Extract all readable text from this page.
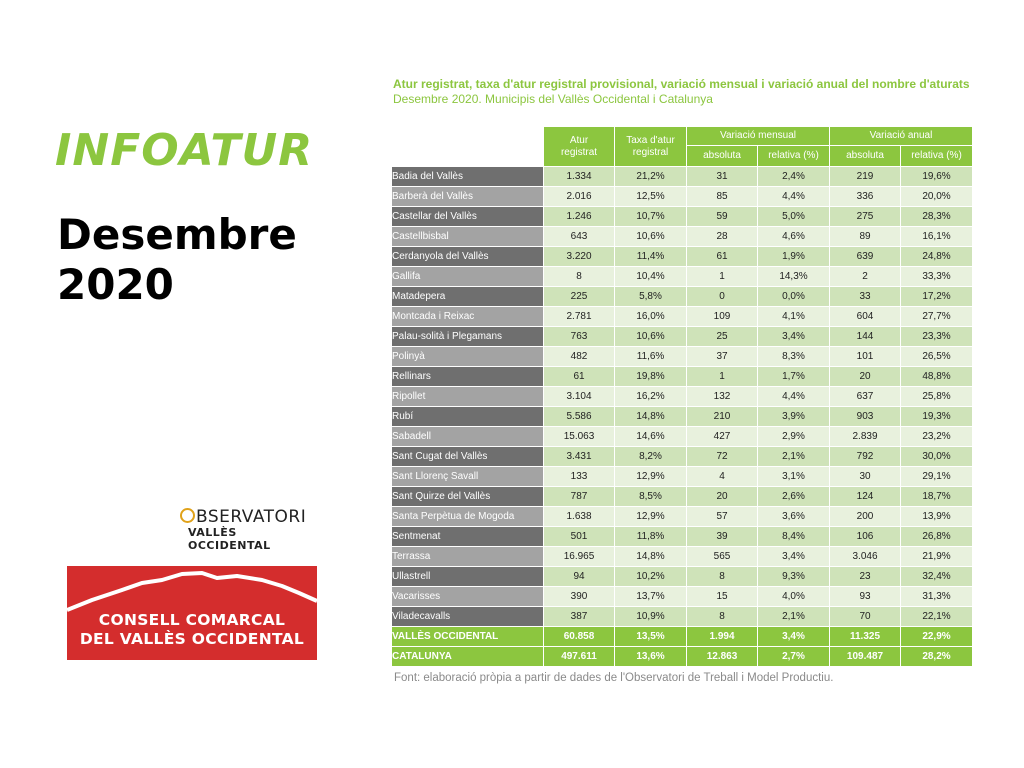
INFOATUR
Desembre
2020
BSERVATORI
VALLÈS OCCIDENTAL
CONSELL COMARCAL
DEL VALLÈS OCCIDENTAL
Atur registrat, taxa d'atur registral provisional, variació mensual i variació anual del nombre d'aturats
Desembre 2020. Municipis del Vallès Occidental i Catalunya
	Atur registrat	Taxa d'atur registral	Variació mensual		Variació anual	
			absoluta	relativa (%)	absoluta	relativa (%)
Badia del Vallès	1.334	21,2%	31	2,4%	219	19,6%
Barberà del Vallès	2.016	12,5%	85	4,4%	336	20,0%
Castellar del Vallès	1.246	10,7%	59	5,0%	275	28,3%
Castellbisbal	643	10,6%	28	4,6%	89	16,1%
Cerdanyola del Vallès	3.220	11,4%	61	1,9%	639	24,8%
Gallifa	8	10,4%	1	14,3%	2	33,3%
Matadepera	225	5,8%	0	0,0%	33	17,2%
Montcada i Reixac	2.781	16,0%	109	4,1%	604	27,7%
Palau-solità i Plegamans	763	10,6%	25	3,4%	144	23,3%
Polinyà	482	11,6%	37	8,3%	101	26,5%
Rellinars	61	19,8%	1	1,7%	20	48,8%
Ripollet	3.104	16,2%	132	4,4%	637	25,8%
Rubí	5.586	14,8%	210	3,9%	903	19,3%
Sabadell	15.063	14,6%	427	2,9%	2.839	23,2%
Sant Cugat del Vallès	3.431	8,2%	72	2,1%	792	30,0%
Sant Llorenç Savall	133	12,9%	4	3,1%	30	29,1%
Sant Quirze del Vallès	787	8,5%	20	2,6%	124	18,7%
Santa Perpètua de Mogoda	1.638	12,9%	57	3,6%	200	13,9%
Sentmenat	501	11,8%	39	8,4%	106	26,8%
Terrassa	16.965	14,8%	565	3,4%	3.046	21,9%
Ullastrell	94	10,2%	8	9,3%	23	32,4%
Vacarisses	390	13,7%	15	4,0%	93	31,3%
Viladecavalls	387	10,9%	8	2,1%	70	22,1%
VALLÈS OCCIDENTAL	60.858	13,5%	1.994	3,4%	11.325	22,9%
CATALUNYA	497.611	13,6%	12.863	2,7%	109.487	28,2%
Font: elaboració pròpia a partir de dades de l'Observatori de Treball i Model Productiu.
